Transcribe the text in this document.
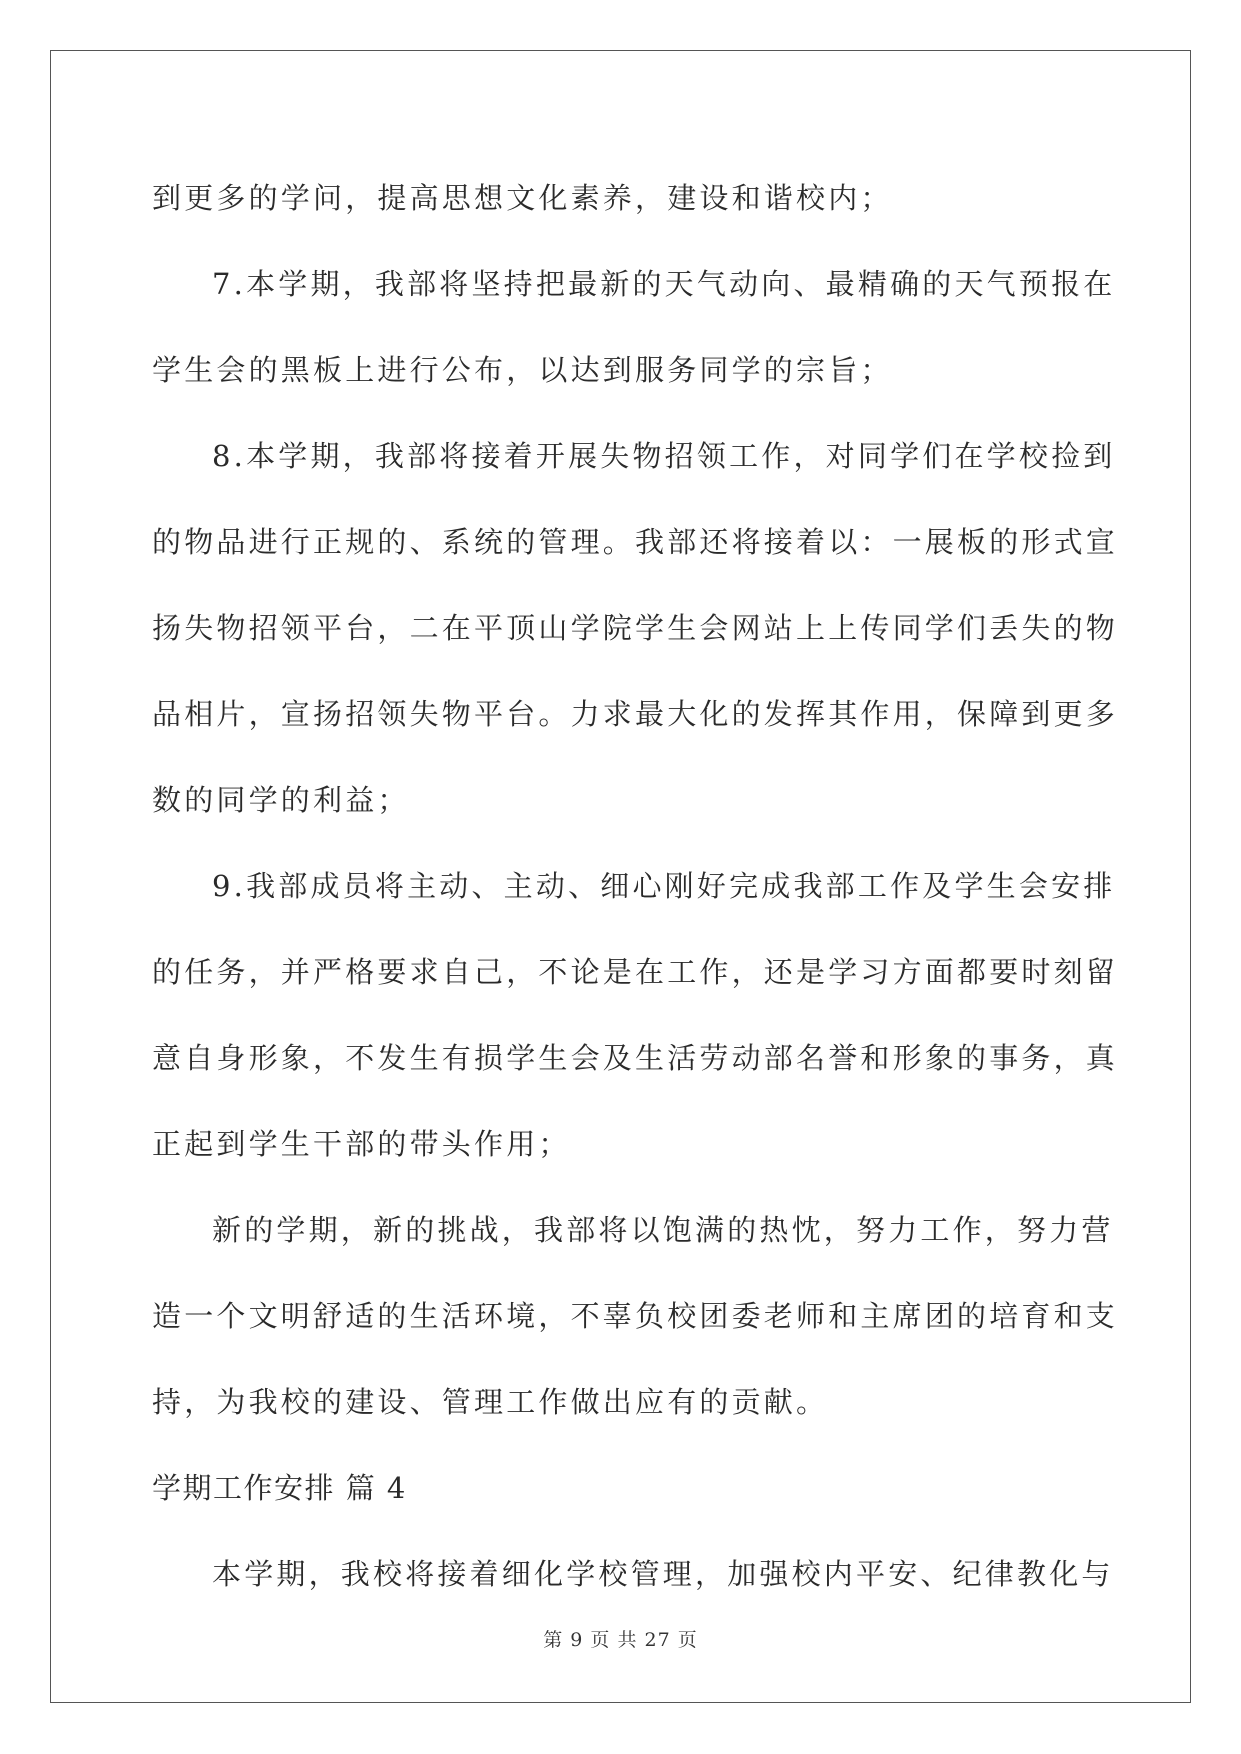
到更多的学问，提高思想文化素养，建设和谐校内；
7.本学期，我部将坚持把最新的天气动向、最精确的天气预报在
学生会的黑板上进行公布，以达到服务同学的宗旨；
8.本学期，我部将接着开展失物招领工作，对同学们在学校捡到
的物品进行正规的、系统的管理。我部还将接着以：一展板的形式宣
扬失物招领平台，二在平顶山学院学生会网站上上传同学们丢失的物
品相片，宣扬招领失物平台。力求最大化的发挥其作用，保障到更多
数的同学的利益；
9.我部成员将主动、主动、细心刚好完成我部工作及学生会安排
的任务，并严格要求自己，不论是在工作，还是学习方面都要时刻留
意自身形象，不发生有损学生会及生活劳动部名誉和形象的事务，真
正起到学生干部的带头作用；
新的学期，新的挑战，我部将以饱满的热忱，努力工作，努力营
造一个文明舒适的生活环境，不辜负校团委老师和主席团的培育和支
持，为我校的建设、管理工作做出应有的贡献。
学期工作安排 篇 4
本学期，我校将接着细化学校管理，加强校内平安、纪律教化与
第 9 页 共 27 页
